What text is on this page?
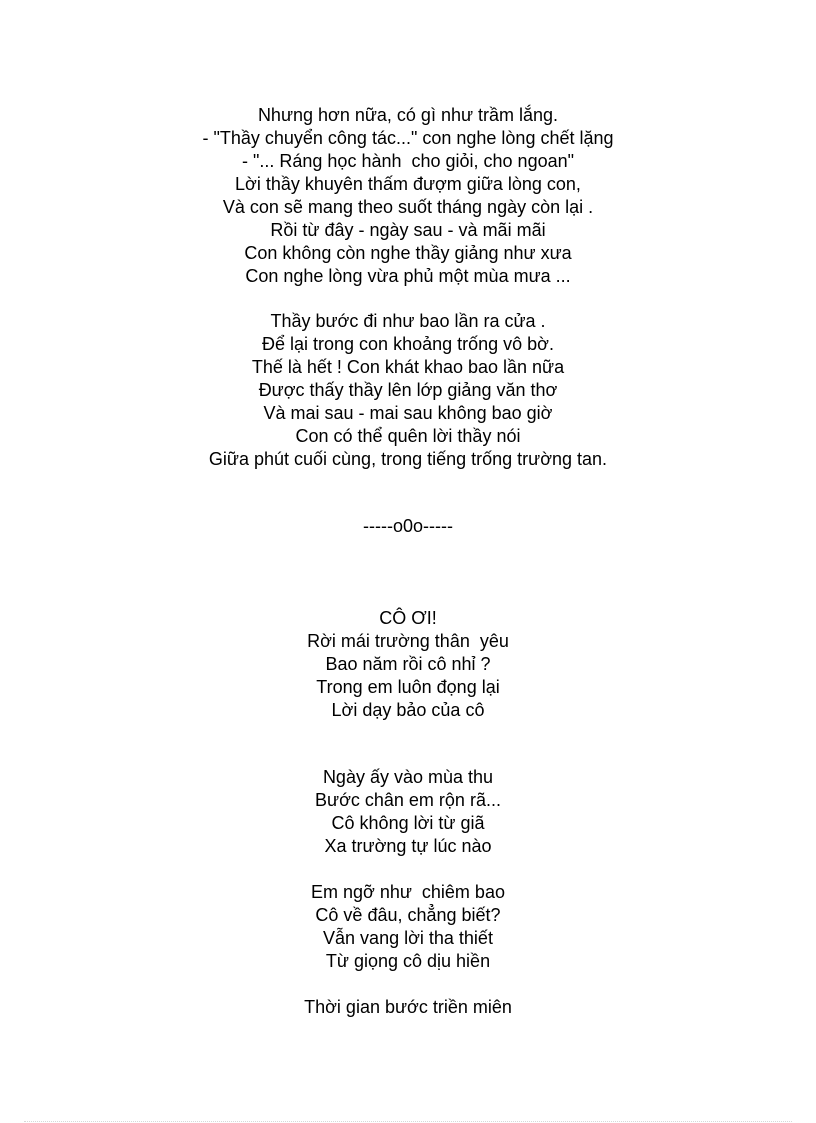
Nhưng hơn nữa, có gì như trầm lắng.
- "Thầy chuyển công tác..." con nghe lòng chết lặng
- "... Ráng học hành  cho giỏi, cho ngoan"
Lời thầy khuyên thấm đượm giữa lòng con,
Và con sẽ mang theo suốt tháng ngày còn lại .
Rồi từ đây - ngày sau - và mãi mãi
Con không còn nghe thầy giảng như xưa
Con nghe lòng vừa phủ một mùa mưa ...
Thầy bước đi như bao lần ra cửa .
Để lại trong con khoảng trống vô bờ.
Thế là hết ! Con khát khao bao lần nữa
Được thấy thầy lên lớp giảng văn thơ
Và mai sau - mai sau không bao giờ
Con có thể quên lời thầy nói
Giữa phút cuối cùng, trong tiếng trống trường tan.
-----o0o-----
CÔ ƠI!
Rời mái trường thân  yêu
Bao năm rồi cô nhỉ ?
Trong em luôn đọng lại
Lời dạy bảo của cô
Ngày ấy vào mùa thu
Bước chân em rộn rã...
Cô không lời từ giã
Xa trường tự lúc nào
Em ngỡ như  chiêm bao
Cô về đâu, chẳng biết?
Vẫn vang lời tha thiết
Từ giọng cô dịu hiền
Thời gian bước triền miên
